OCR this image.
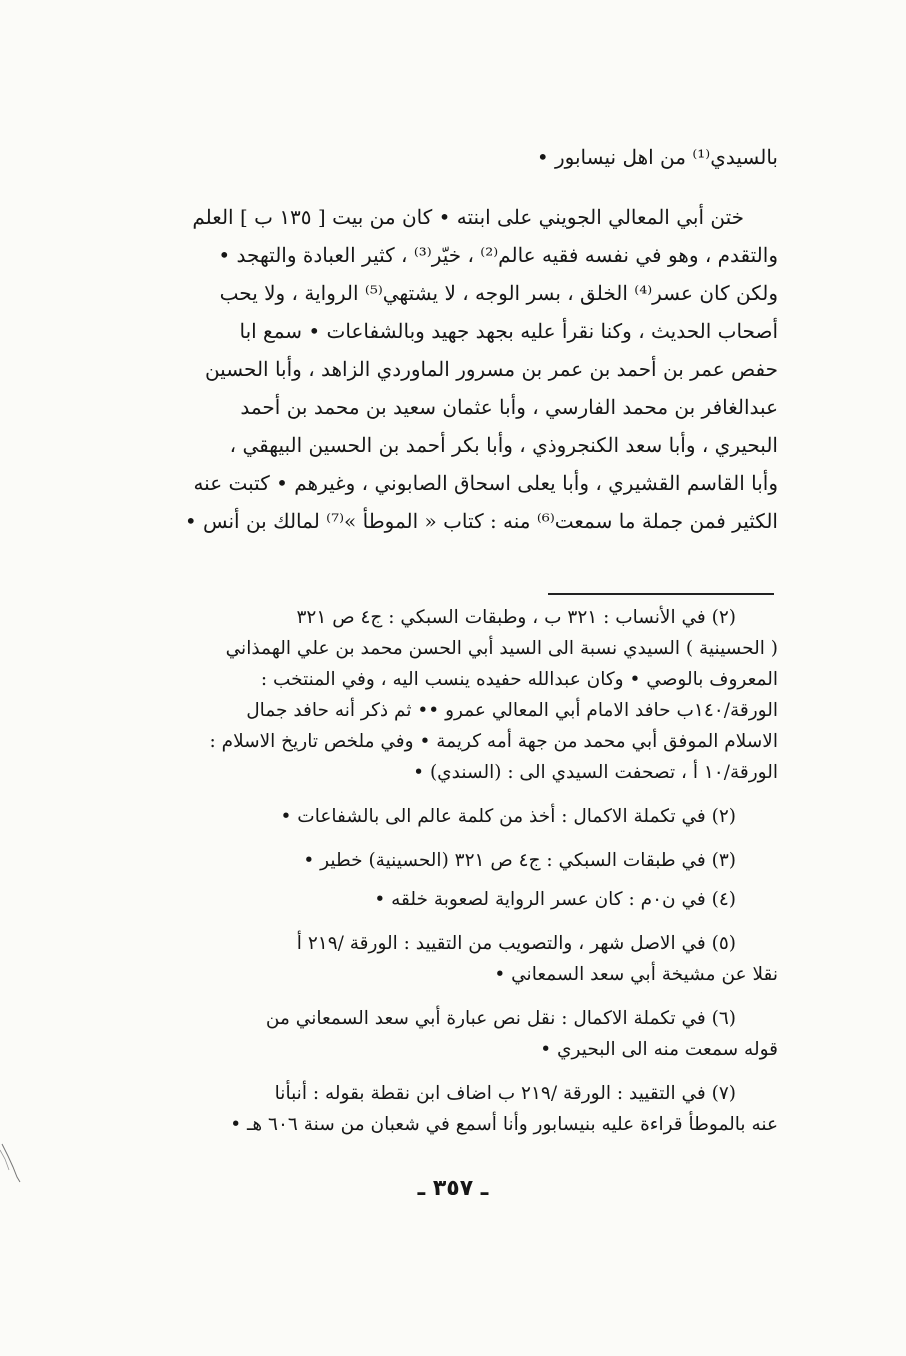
بالسيدي⁽¹⁾ من اهل نيسابور •
ختن أبي المعالي الجويني على ابنته • كان من بيت [ ١٣٥ ب ] العلم
والتقدم ، وهو في نفسه فقيه عالم⁽²⁾ ، خيّر⁽³⁾ ، كثير العبادة والتهجد •
ولكن كان عسر⁽⁴⁾ الخلق ، بسر الوجه ، لا يشتهي⁽⁵⁾ الرواية ، ولا يحب
أصحاب الحديث ، وكنا نقرأ عليه بجهد جهيد وبالشفاعات • سمع ابا
حفص عمر بن أحمد بن عمر بن مسرور الماوردي الزاهد ، وأبا الحسين
عبدالغافر بن محمد الفارسي ، وأبا عثمان سعيد بن محمد بن أحمد
البحيري ، وأبا سعد الكنجروذي ، وأبا بكر أحمد بن الحسين البيهقي ،
وأبا القاسم القشيري ، وأبا يعلى اسحاق الصابوني ، وغيرهم • كتبت عنه
الكثير فمن جملة ما سمعت⁽⁶⁾ منه : كتاب « الموطأ »⁽⁷⁾ لمالك بن أنس •
(٢) في الأنساب : ٣٢١ ب ، وطبقات السبكي : ج٤ ص ٣٢١
( الحسينية ) السيدي نسبة الى السيد أبي الحسن محمد بن علي الهمذاني
المعروف بالوصي • وكان عبدالله حفيده ينسب اليه ، وفي المنتخب :
الورقة/١٤٠ب حافد الامام أبي المعالي عمرو •• ثم ذكر أنه حافد جمال
الاسلام الموفق أبي محمد من جهة أمه كريمة • وفي ملخص تاريخ الاسلام :
الورقة/١٠ أ ، تصحفت السيدي الى : (السندي) •
(٢) في تكملة الاكمال : أخذ من كلمة عالم الى بالشفاعات •
(٣) في طبقات السبكي : ج٤ ص ٣٢١ (الحسينية) خطير •
(٤) في ن٠م : كان عسر الرواية لصعوبة خلقه •
(٥) في الاصل شهر ، والتصويب من التقييد : الورقة /٢١٩ أ
نقلا عن مشيخة أبي سعد السمعاني •
(٦) في تكملة الاكمال : نقل نص عبارة أبي سعد السمعاني من
قوله سمعت منه الى البحيري •
(٧) في التقييد : الورقة /٢١٩ ب اضاف ابن نقطة بقوله : أنبأنا
عنه بالموطأ قراءة عليه بنيسابور وأنا أسمع في شعبان من سنة ٦٠٦ هـ •
ـ ٣٥٧ ـ
